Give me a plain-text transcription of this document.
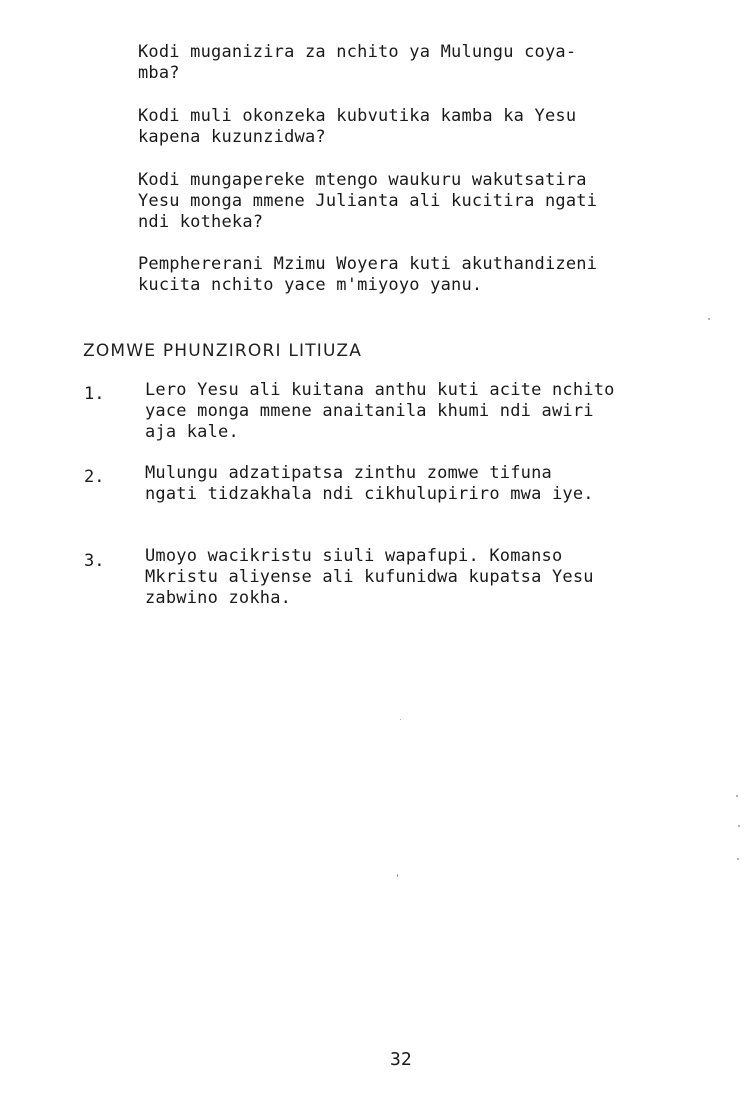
Kodi muganizira za nchito ya Mulungu coya-
mba?
Kodi muli okonzeka kubvutika kamba ka Yesu
kapena kuzunzidwa?
Kodi mungapereke mtengo waukuru wakutsatira
Yesu monga mmene Julianta ali kucitira ngati
ndi kotheka?
Pemphererani Mzimu Woyera kuti akuthandizeni
kucita nchito yace m'miyoyo yanu.
ZOMWE PHUNZIRORI LITIUZA
1. Lero Yesu ali kuitana anthu kuti acite nchito
yace monga mmene anaitanila khumi ndi awiri
aja kale.
2. Mulungu adzatipatsa zinthu zomwe tifuna
ngati tidzakhala ndi cikhulupiriro mwa iye.
3. Umoyo wacikristu siuli wapafupi. Komanso
Mkristu aliyense ali kufunidwa kupatsa Yesu
zabwino zokha.
32
